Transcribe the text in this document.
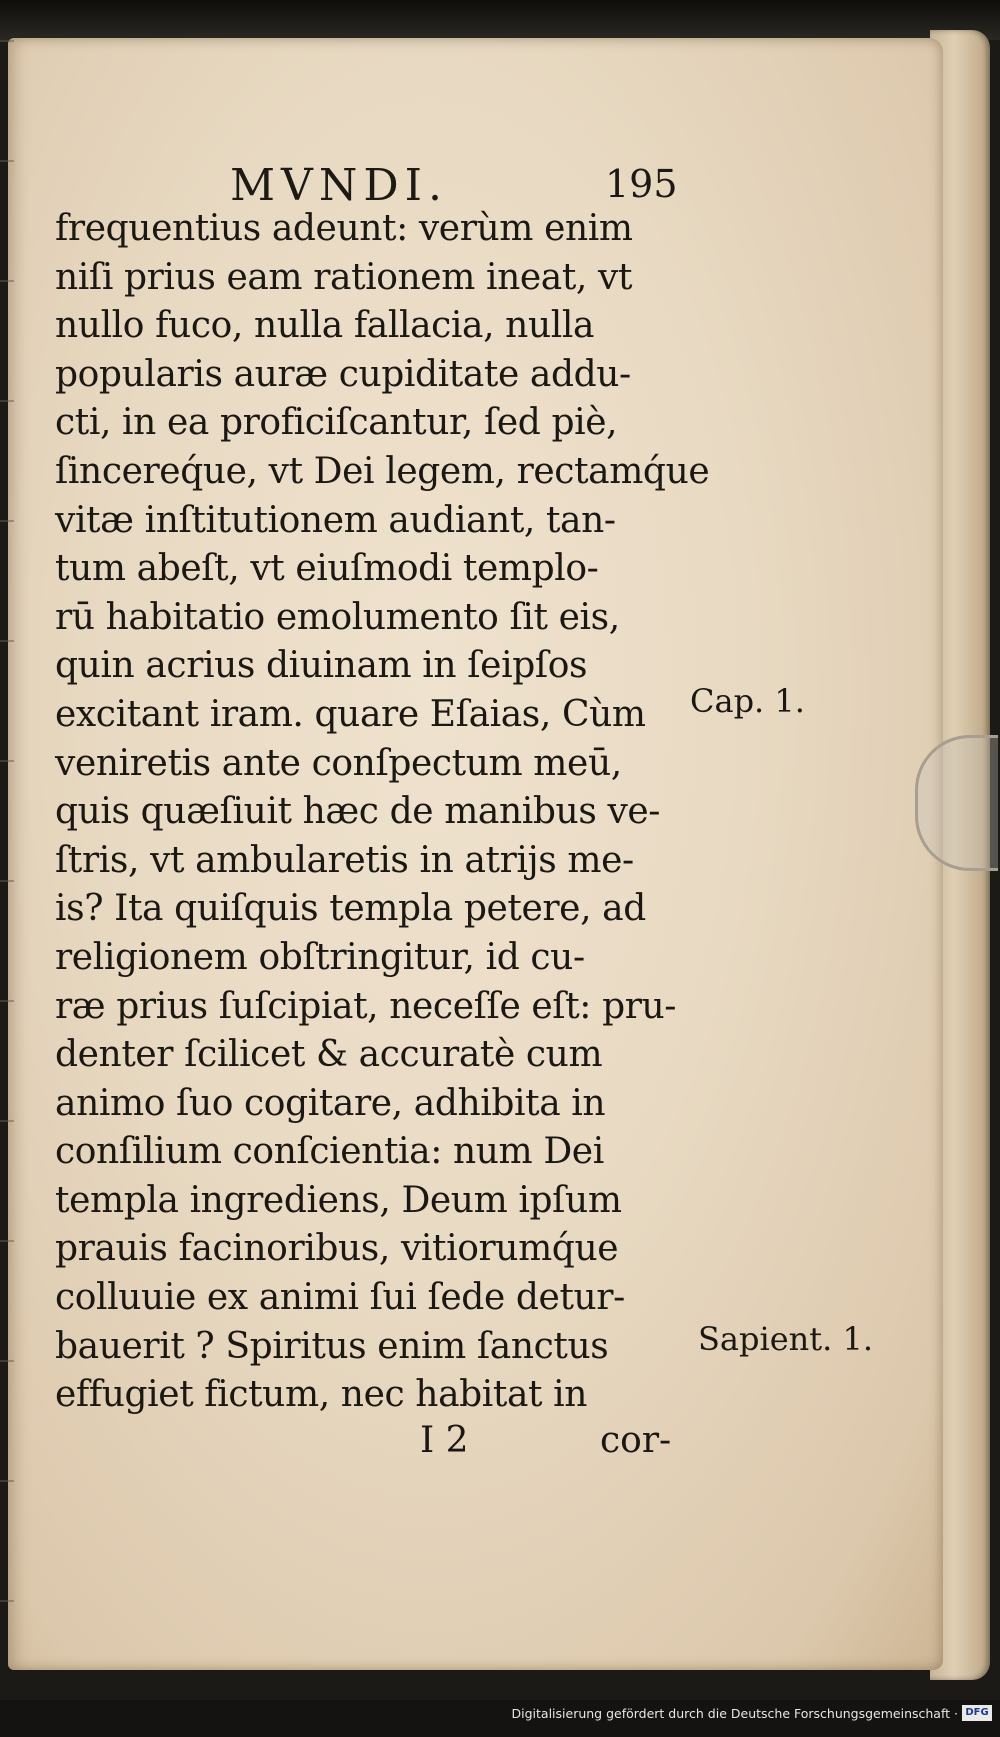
MVNDI.	195
frequentius adeunt: verùm enim
niſi prius eam rationem ineat, vt
nullo fuco, nulla fallacia, nulla
popularis auræ cupiditate addu-
cti, in ea proficiſcantur, ſed piè,
ſincereq́ue, vt Dei legem, rectamq́ue
vitæ inſtitutionem audiant, tan-
tum abeſt, vt eiuſmodi templo-
rū habitatio emolumento ſit eis,
quin acrius diuinam in ſeipſos
excitant iram. quare Eſaias, Cùm
veniretis ante conſpectum meū,
quis quæſiuit hæc de manibus ve-
ſtris, vt ambularetis in atrijs me-
is? Ita quiſquis templa petere, ad
religionem obſtringitur, id cu-
ræ prius ſuſcipiat, neceſſe eſt: pru-
denter ſcilicet & accuratè cum
animo ſuo cogitare, adhibita in
conſilium conſcientia: num Dei
templa ingrediens, Deum ipſum
prauis facinoribus, vitiorumq́ue
colluuie ex animi ſui ſede detur-
bauerit ? Spiritus enim ſanctus
effugiet fictum, nec habitat in
Cap. 1.
Sapient. 1.
I 2	cor-
Digitalisierung gefördert durch die Deutsche Forschungsgemeinschaft · DFG
